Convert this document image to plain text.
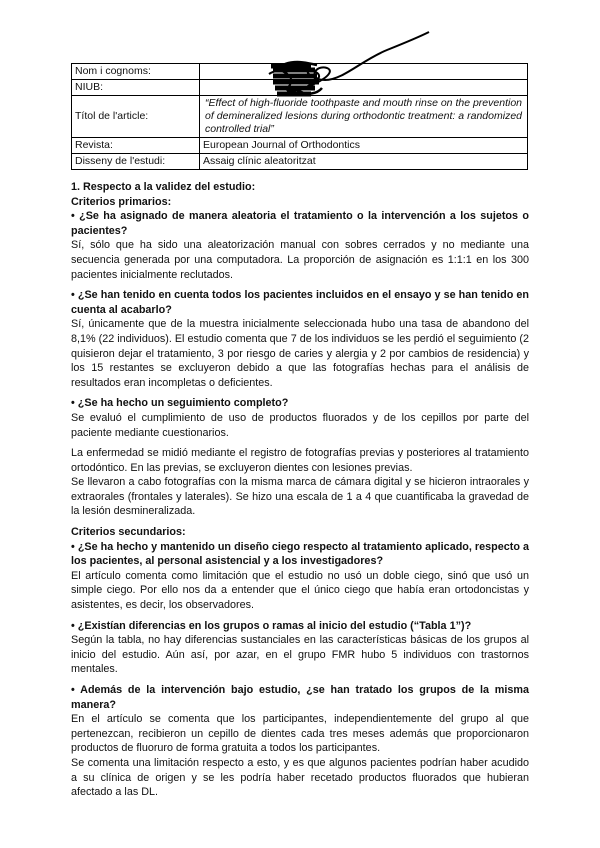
Nom i cognoms:	
NIUB:	
Títol de l'article:	“Effect of high-fluoride toothpaste and mouth rinse on the prevention of demineralized lesions during orthodontic treatment: a randomized controlled trial”
Revista:	European Journal of Orthodontics
Disseny de l'estudi:	Assaig clínic aleatoritzat

1. Respecto a la validez del estudio:

Criterios primarios:

• ¿Se ha asignado de manera aleatoria el tratamiento o la intervención a los sujetos o pacientes?

Sí, sólo que ha sido una aleatorización manual con sobres cerrados y no mediante una secuencia generada por una computadora. La proporción de asignación es 1:1:1 en los 300 pacientes inicialmente reclutados.

• ¿Se han tenido en cuenta todos los pacientes incluidos en el ensayo y se han tenido en cuenta al acabarlo?

Sí, únicamente que de la muestra inicialmente seleccionada hubo una tasa de abandono del 8,1% (22 individuos). El estudio comenta que 7 de los individuos se les perdió el seguimiento (2 quisieron dejar el tratamiento, 3 por riesgo de caries y alergia y 2 por cambios de residencia) y los 15 restantes se excluyeron debido a que las fotografías hechas para el análisis de resultados eran incompletas o deficientes.

• ¿Se ha hecho un seguimiento completo?

Se evaluó el cumplimiento de uso de productos fluorados y de los cepillos por parte del paciente mediante cuestionarios.

La enfermedad se midió mediante el registro de fotografías previas y posteriores al tratamiento ortodóntico. En las previas, se excluyeron dientes con lesiones previas.

Se llevaron a cabo fotografías con la misma marca de cámara digital y se hicieron intraorales y extraorales (frontales y laterales). Se hizo una escala de 1 a 4 que cuantificaba la gravedad de la lesión desmineralizada.

Criterios secundarios:

• ¿Se ha hecho y mantenido un diseño ciego respecto al tratamiento aplicado, respecto a los pacientes, al personal asistencial y a los investigadores?

El artículo comenta como limitación que el estudio no usó un doble ciego, sinó que usó un simple ciego. Por ello nos da a entender que el único ciego que había eran ortodoncistas y asistentes, es decir, los observadores.

• ¿Existían diferencias en los grupos o ramas al inicio del estudio (“Tabla 1”)?

Según la tabla, no hay diferencias sustanciales en las características básicas de los grupos al inicio del estudio. Aún así, por azar, en el grupo FMR hubo 5 individuos con trastornos mentales.

• Además de la intervención bajo estudio, ¿se han tratado los grupos de la misma manera?

En el artículo se comenta que los participantes, independientemente del grupo al que pertenezcan, recibieron un cepillo de dientes cada tres meses además que proporcionaron productos de fluoruro de forma gratuita a todos los participantes.

Se comenta una limitación respecto a esto, y es que algunos pacientes podrían haber acudido a su clínica de origen y se les podría haber recetado productos fluorados que hubieran afectado a las DL.
